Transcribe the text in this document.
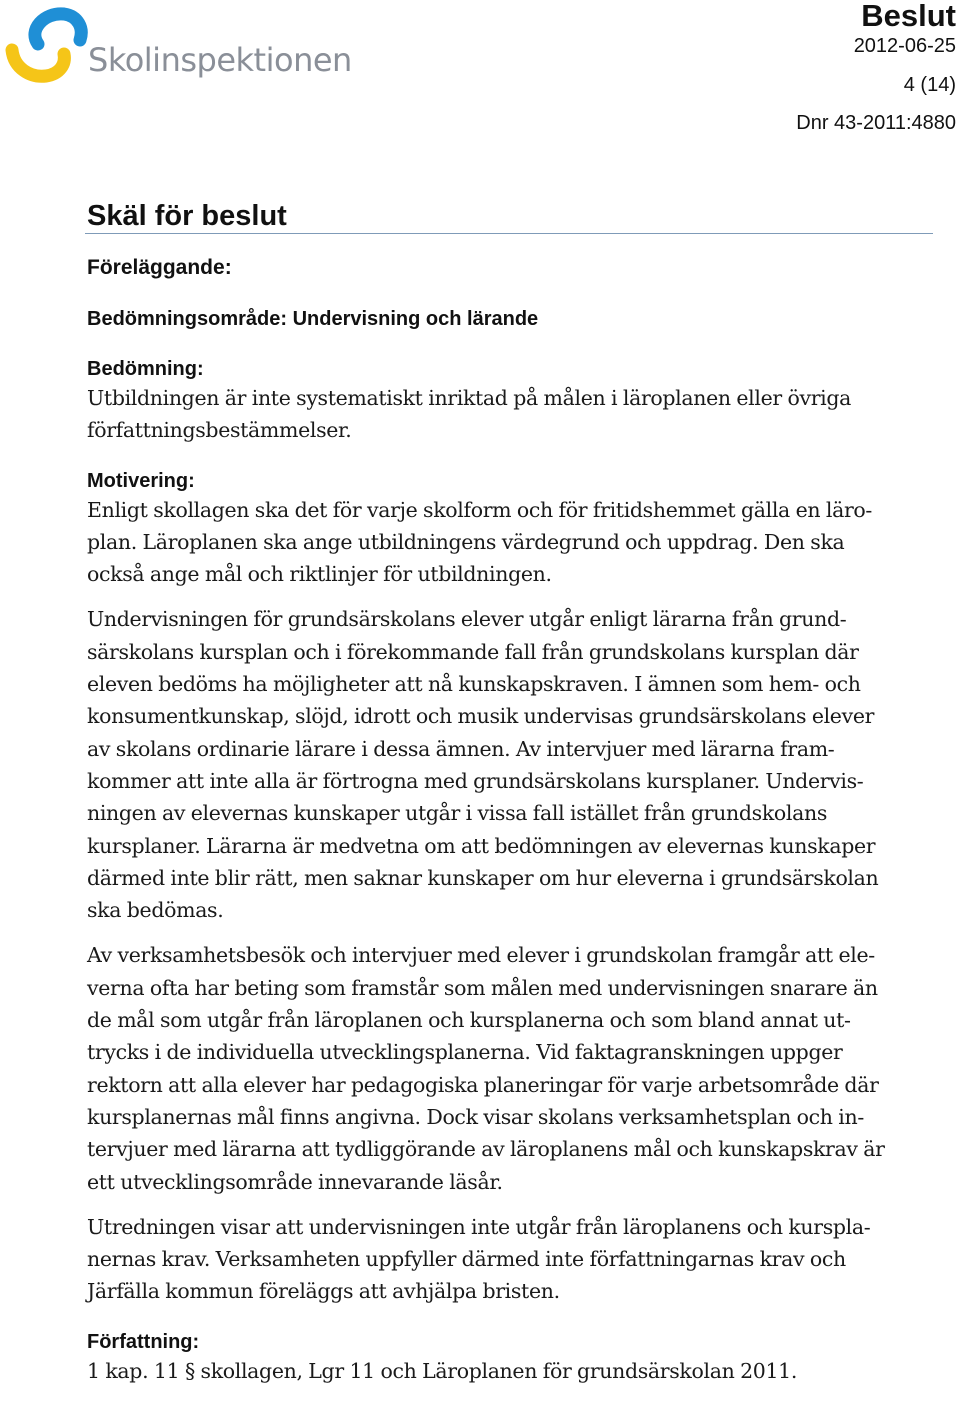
Skolinspektionen
Beslut
2012-06-25
4 (14)
Dnr 43-2011:4880
Skäl för beslut

Föreläggande:

Bedömningsområde: Undervisning och lärande

Bedömning:

Utbildningen är inte systematiskt inriktad på målen i läroplanen eller övriga
författningsbestämmelser.

Motivering:

Enligt skollagen ska det för varje skolform och för fritidshemmet gälla en läro-
plan. Läroplanen ska ange utbildningens värdegrund och uppdrag. Den ska
också ange mål och riktlinjer för utbildningen.

Undervisningen för grundsärskolans elever utgår enligt lärarna från grund-
särskolans kursplan och i förekommande fall från grundskolans kursplan där
eleven bedöms ha möjligheter att nå kunskapskraven. I ämnen som hem- och
konsumentkunskap, slöjd, idrott och musik undervisas grundsärskolans elever
av skolans ordinarie lärare i dessa ämnen. Av intervjuer med lärarna fram-
kommer att inte alla är förtrogna med grundsärskolans kursplaner. Undervis-
ningen av elevernas kunskaper utgår i vissa fall istället från grundskolans
kursplaner. Lärarna är medvetna om att bedömningen av elevernas kunskaper
därmed inte blir rätt, men saknar kunskaper om hur eleverna i grundsärskolan
ska bedömas.

Av verksamhetsbesök och intervjuer med elever i grundskolan framgår att ele-
verna ofta har beting som framstår som målen med undervisningen snarare än
de mål som utgår från läroplanen och kursplanerna och som bland annat ut-
trycks i de individuella utvecklingsplanerna. Vid faktagranskningen uppger
rektorn att alla elever har pedagogiska planeringar för varje arbetsområde där
kursplanernas mål finns angivna. Dock visar skolans verksamhetsplan och in-
tervjuer med lärarna att tydliggörande av läroplanens mål och kunskapskrav är
ett utvecklingsområde innevarande läsår.

Utredningen visar att undervisningen inte utgår från läroplanens och kurspla-
nernas krav. Verksamheten uppfyller därmed inte författningarnas krav och
Järfälla kommun föreläggs att avhjälpa bristen.

Författning:

1 kap. 11 § skollagen, Lgr 11 och Läroplanen för grundsärskolan 2011.
